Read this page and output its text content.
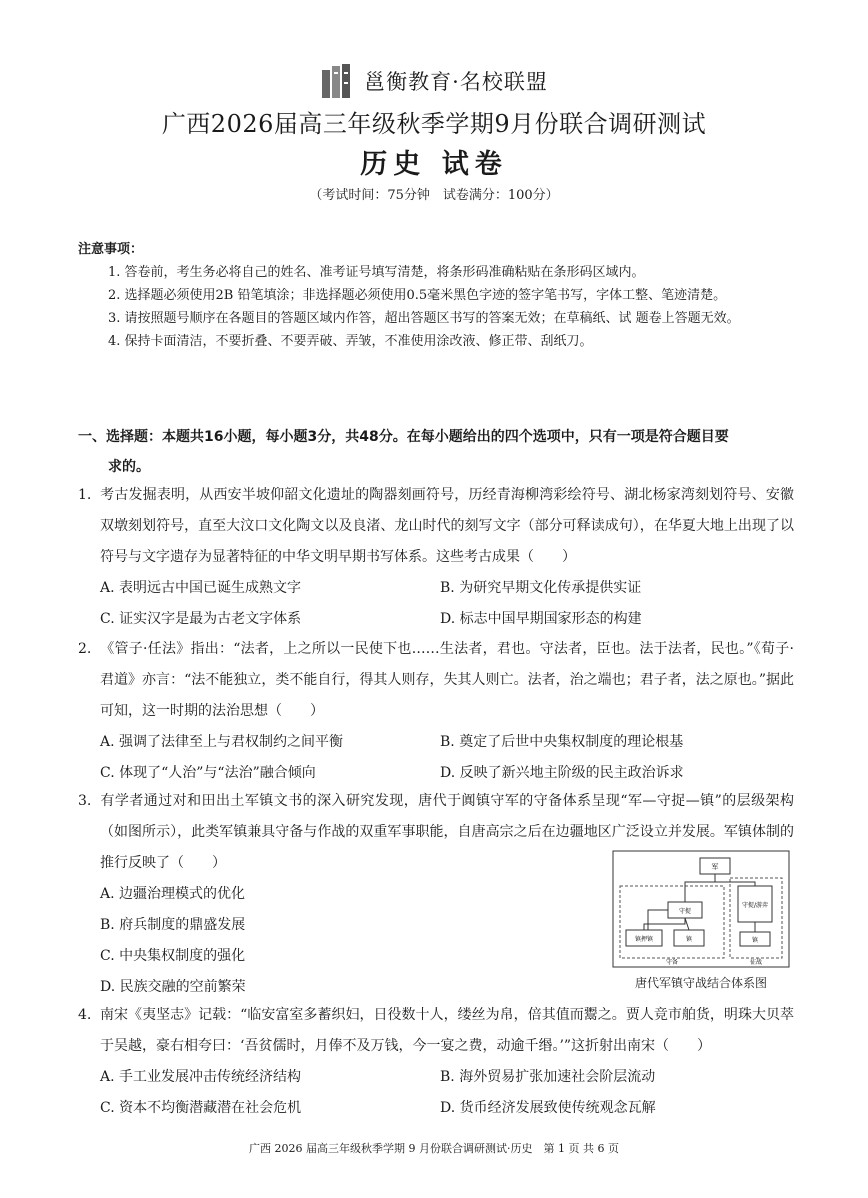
邕衡教育·名校联盟
广西2026届高三年级秋季学期9月份联合调研测试
历史 试卷
（考试时间：75分钟　试卷满分：100分）
注意事项：
1. 答卷前，考生务必将自己的姓名、准考证号填写清楚，将条形码准确粘贴在条形码区域内。
2. 选择题必须使用2B 铅笔填涂；非选择题必须使用0.5毫米黑色字迹的签字笔书写，字体工整、笔迹清楚。
3. 请按照题号顺序在各题目的答题区域内作答，超出答题区书写的答案无效；在草稿纸、试 题卷上答题无效。
4. 保持卡面清洁，不要折叠、不要弄破、弄皱，不准使用涂改液、修正带、刮纸刀。
一、选择题：本题共16小题，每小题3分，共48分。在每小题给出的四个选项中，只有一项是符合题目要
求的。
1. 考古发掘表明，从西安半坡仰韶文化遗址的陶器刻画符号，历经青海柳湾彩绘符号、湖北杨家湾刻划符号、安徽双墩刻划符号，直至大汶口文化陶文以及良渚、龙山时代的刻写文字（部分可释读成句），在华夏大地上出现了以符号与文字遗存为显著特征的中华文明早期书写体系。这些考古成果（　　）
A. 表明远古中国已诞生成熟文字	B. 为研究早期文化传承提供实证
C. 证实汉字是最为古老文字体系	D. 标志中国早期国家形态的构建
2. 《管子·任法》指出：“法者，上之所以一民使下也……生法者，君也。守法者，臣也。法于法者，民也。”《荀子·君道》亦言：“法不能独立，类不能自行，得其人则存，失其人则亡。法者，治之端也；君子者，法之原也。”据此可知，这一时期的法治思想（　　）
A. 强调了法律至上与君权制约之间平衡	B. 奠定了后世中央集权制度的理论根基
C. 体现了“人治”与“法治”融合倾向	D. 反映了新兴地主阶级的民主政治诉求
3. 有学者通过对和田出土军镇文书的深入研究发现，唐代于阗镇守军的守备体系呈现“军—守捉—镇”的层级架构（如图所示），此类军镇兼具守备与作战的双重军事职能，自唐高宗之后在边疆地区广泛设立并发展。军镇体制的推行反映了（　　）
A. 边疆治理模式的优化
B. 府兵制度的鼎盛发展
C. 中央集权制度的强化
D. 民族交融的空前繁荣
军
守捉
镇押镇	镇
守捉/游弈
镇
守备	征战
唐代军镇守战结合体系图
4. 南宋《夷坚志》记载：“临安富室多蓄织妇，日役数十人，缕丝为帛，倍其值而鬻之。贾人竞市舶货，明珠大贝萃于吴越，豪右相夸曰：‘吾贫儒时，月俸不及万钱，今一宴之费，动逾千缗。’”这折射出南宋（　　）
A. 手工业发展冲击传统经济结构	B. 海外贸易扩张加速社会阶层流动
C. 资本不均衡潜藏潜在社会危机	D. 货币经济发展致使传统观念瓦解
广西 2026 届高三年级秋季学期 9 月份联合调研测试·历史　第 1 页 共 6 页
